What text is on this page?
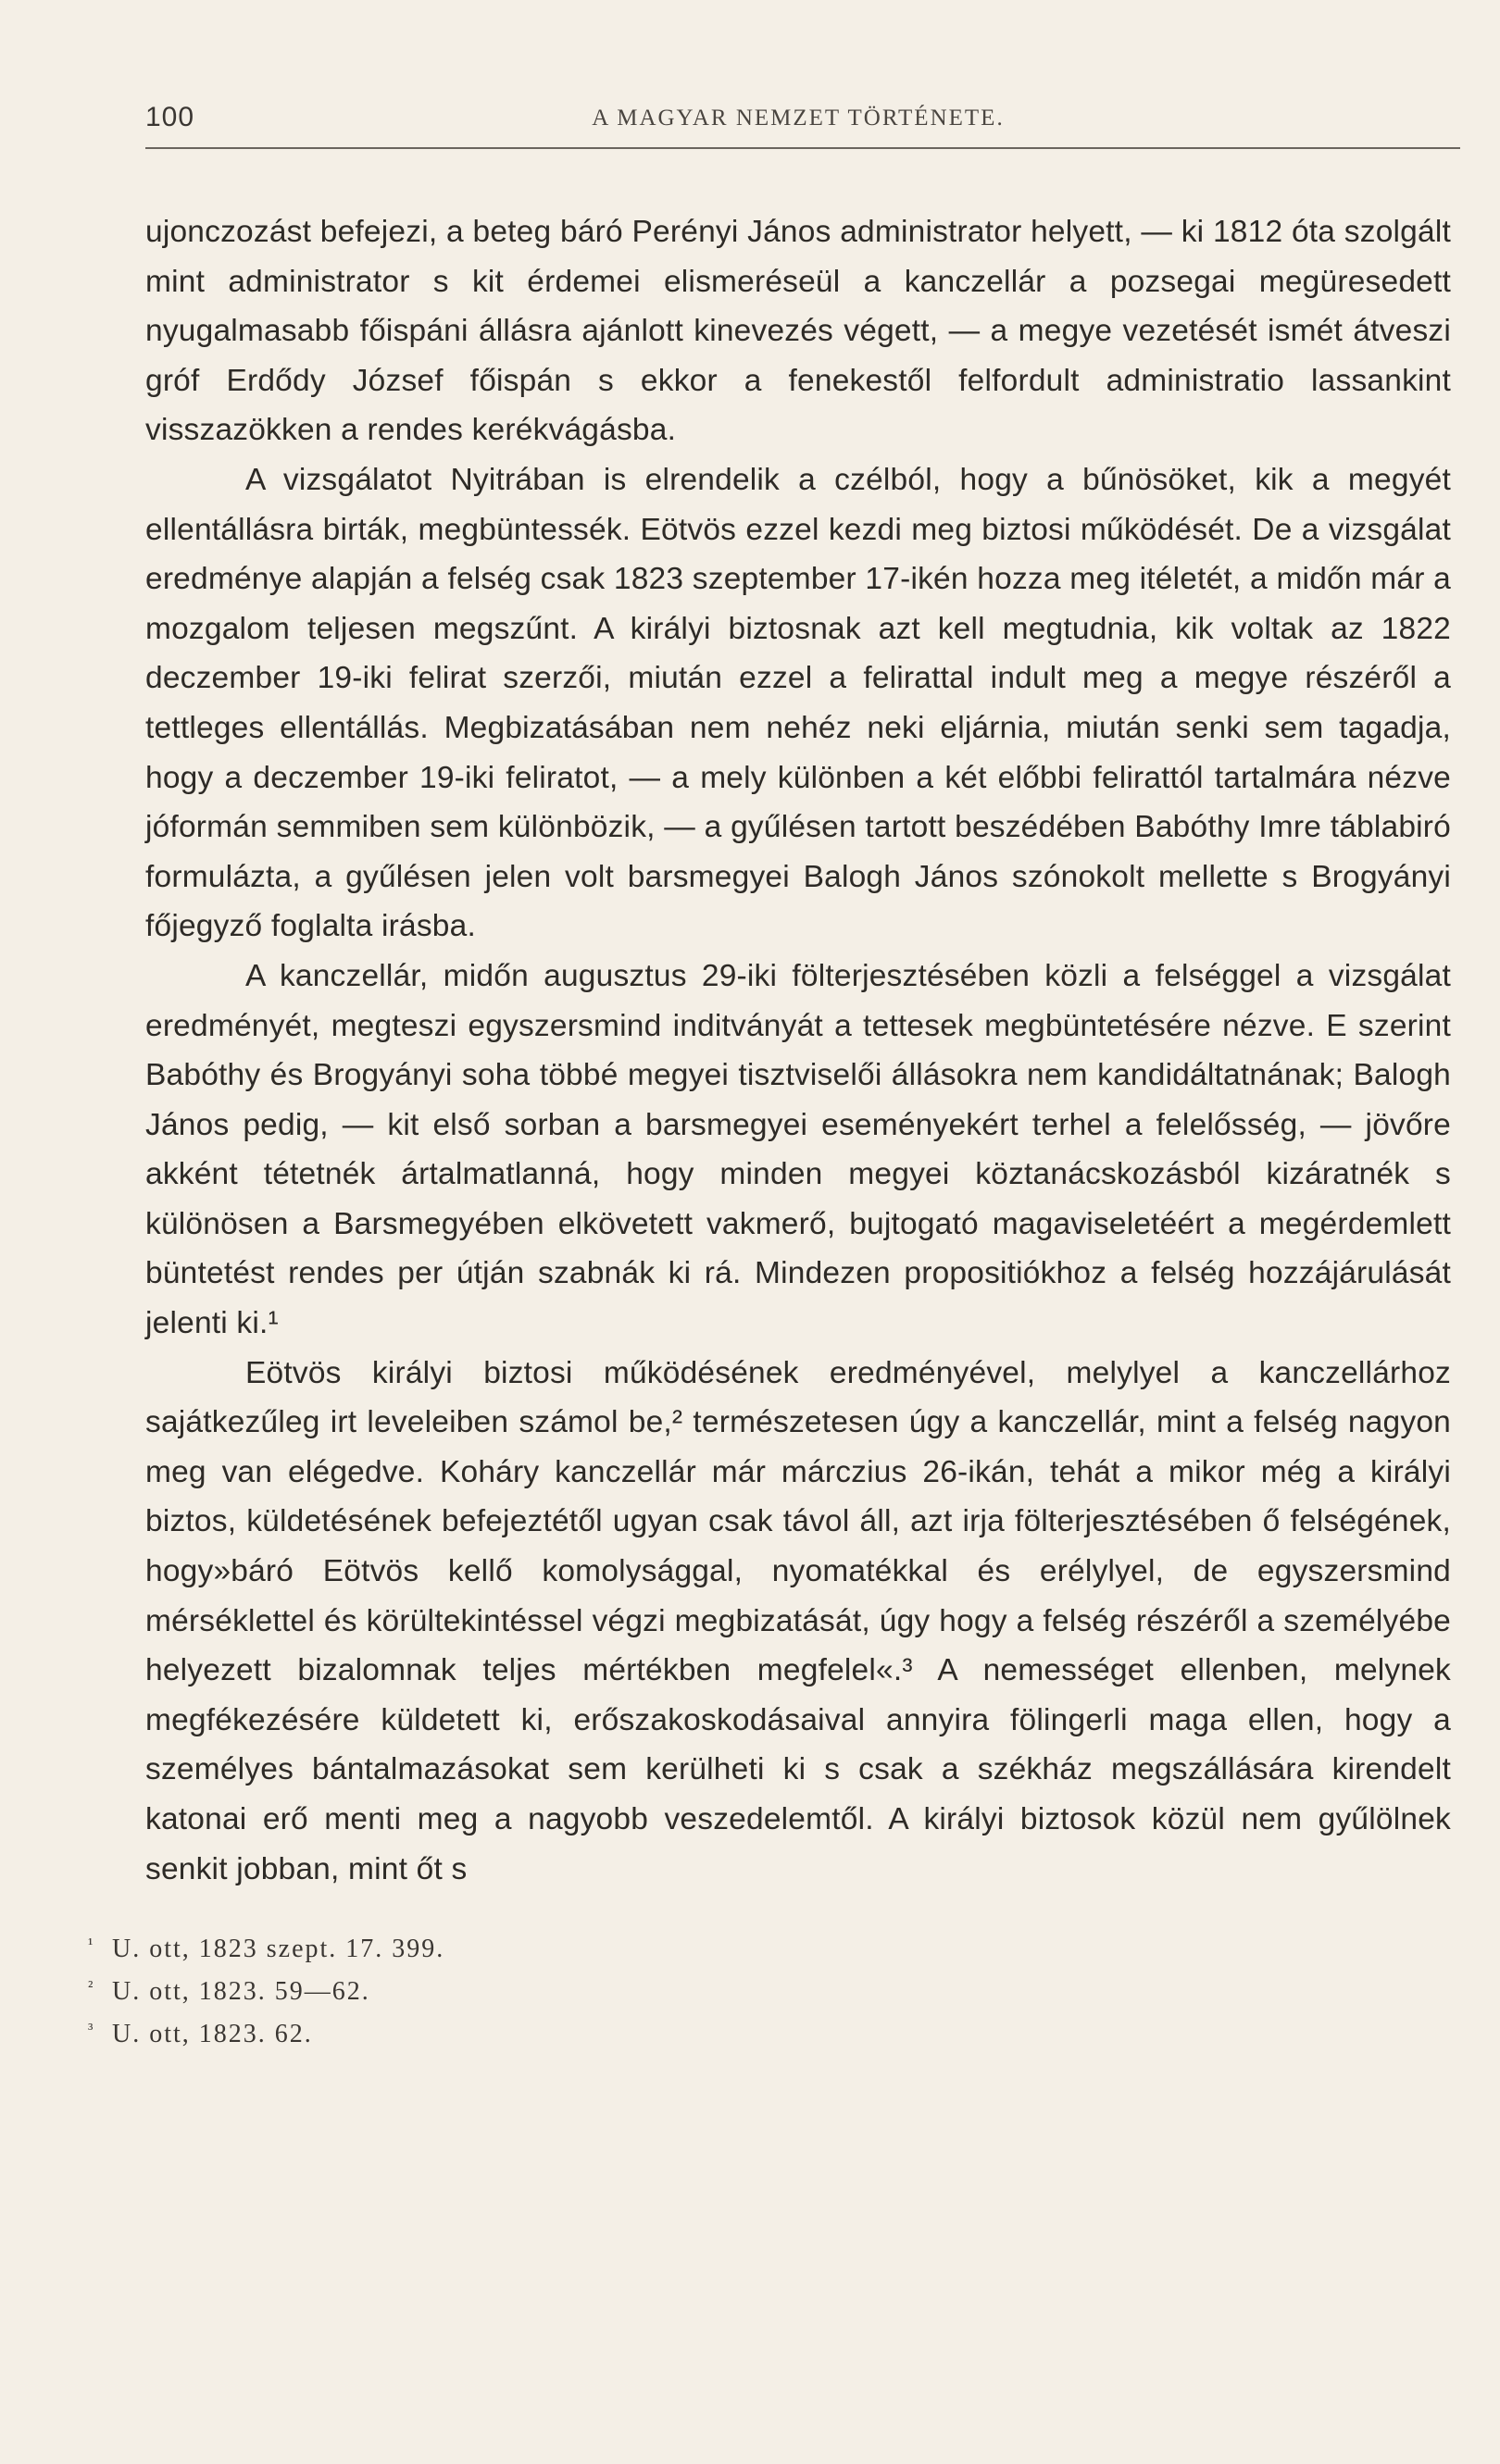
100	A MAGYAR NEMZET TÖRTÉNETE.

ujonczozást befejezi, a beteg báró Perényi János administrator helyett, — ki 1812 óta szolgált mint administrator s kit érdemei elismeréseül a kanczellár a pozsegai megüresedett nyugalmasabb főispáni állásra ajánlott kinevezés végett, — a megye vezetését ismét átveszi gróf Erdődy József főispán s ekkor a fenekestől felfordult administratio lassankint visszazökken a rendes kerékvágásba.

A vizsgálatot Nyitrában is elrendelik a czélból, hogy a bűnösöket, kik a megyét ellentállásra birták, megbüntessék. Eötvös ezzel kezdi meg biztosi működését. De a vizsgálat eredménye alapján a felség csak 1823 szeptember 17-ikén hozza meg itéletét, a midőn már a mozgalom teljesen megszűnt. A királyi biztosnak azt kell megtudnia, kik voltak az 1822 deczember 19-iki felirat szerzői, miután ezzel a felirattal indult meg a megye részéről a tettleges ellentállás. Megbizatásában nem nehéz neki eljárnia, miután senki sem tagadja, hogy a deczember 19-iki feliratot, — a mely különben a két előbbi felirattól tartalmára nézve jóformán semmiben sem különbözik, — a gyűlésen tartott beszédében Babóthy Imre táblabiró formulázta, a gyűlésen jelen volt barsmegyei Balogh János szónokolt mellette s Brogyányi főjegyző foglalta irásba.

A kanczellár, midőn augusztus 29-iki fölterjesztésében közli a felséggel a vizsgálat eredményét, megteszi egyszersmind inditványát a tettesek megbüntetésére nézve. E szerint Babóthy és Brogyányi soha többé megyei tisztviselői állásokra nem kandidáltatnának; Balogh János pedig, — kit első sorban a barsmegyei eseményekért terhel a felelősség, — jövőre akként tétetnék ártalmatlanná, hogy minden megyei köztanácskozásból kizáratnék s különösen a Barsmegyében elkövetett vakmerő, bujtogató magaviseletéért a megérdemlett büntetést rendes per útján szabnák ki rá. Mindezen propositiókhoz a felség hozzájárulását jelenti ki.¹

Eötvös királyi biztosi működésének eredményével, melylyel a kanczellárhoz sajátkezűleg irt leveleiben számol be,² természetesen úgy a kanczellár, mint a felség nagyon meg van elégedve. Koháry kanczellár már márczius 26-ikán, tehát a mikor még a királyi biztos, küldetésének befejeztétől ugyan csak távol áll, azt irja fölterjesztésében ő felségének, hogy»báró Eötvös kellő komolysággal, nyomatékkal és erélylyel, de egyszersmind mérséklettel és körültekintéssel végzi megbizatását, úgy hogy a felség részéről a személyébe helyezett bizalomnak teljes mértékben megfelel«.³ A nemességet ellenben, melynek megfékezésére küldetett ki, erőszakoskodásaival annyira fölingerli maga ellen, hogy a személyes bántalmazásokat sem kerülheti ki s csak a székház megszállására kirendelt katonai erő menti meg a nagyobb veszedelemtől. A királyi biztosok közül nem gyűlölnek senkit jobban, mint őt s

¹ U. ott, 1823 szept. 17. 399.
² U. ott, 1823. 59—62.
³ U. ott, 1823. 62.
